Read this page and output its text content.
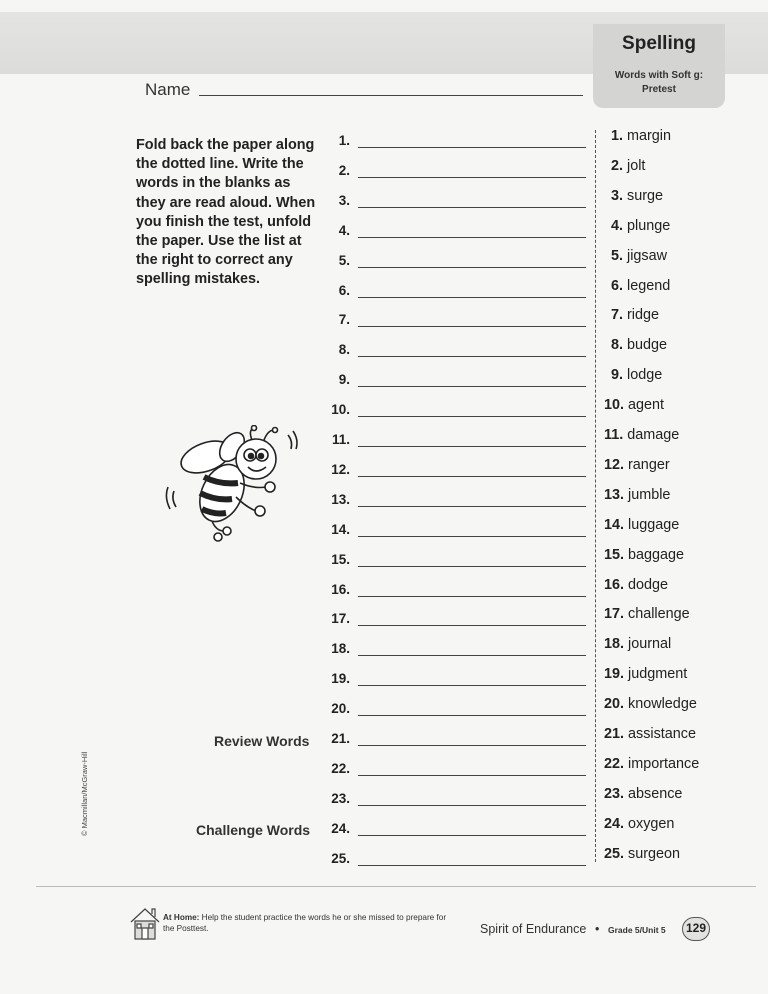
Spelling
Words with Soft g:
Pretest
Name
Fold back the paper along the dotted line. Write the words in the blanks as they are read aloud. When you finish the test, unfold the paper. Use the list at the right to correct any spelling mistakes.
1.
2.
3.
4.
5.
6.
7.
8.
9.
10.
11.
12.
13.
14.
15.
16.
17.
18.
19.
20.
21.
22.
23.
24.
25.
Review Words
Challenge Words
1. margin
2. jolt
3. surge
4. plunge
5. jigsaw
6. legend
7. ridge
8. budge
9. lodge
10. agent
11. damage
12. ranger
13. jumble
14. luggage
15. baggage
16. dodge
17. challenge
18. journal
19. judgment
20. knowledge
21. assistance
22. importance
23. absence
24. oxygen
25. surgeon
© Macmillan/McGraw-Hill
At Home: Help the student practice the words he or she missed to prepare for the Posttest.	Spirit of Endurance • Grade 5/Unit 5	129
